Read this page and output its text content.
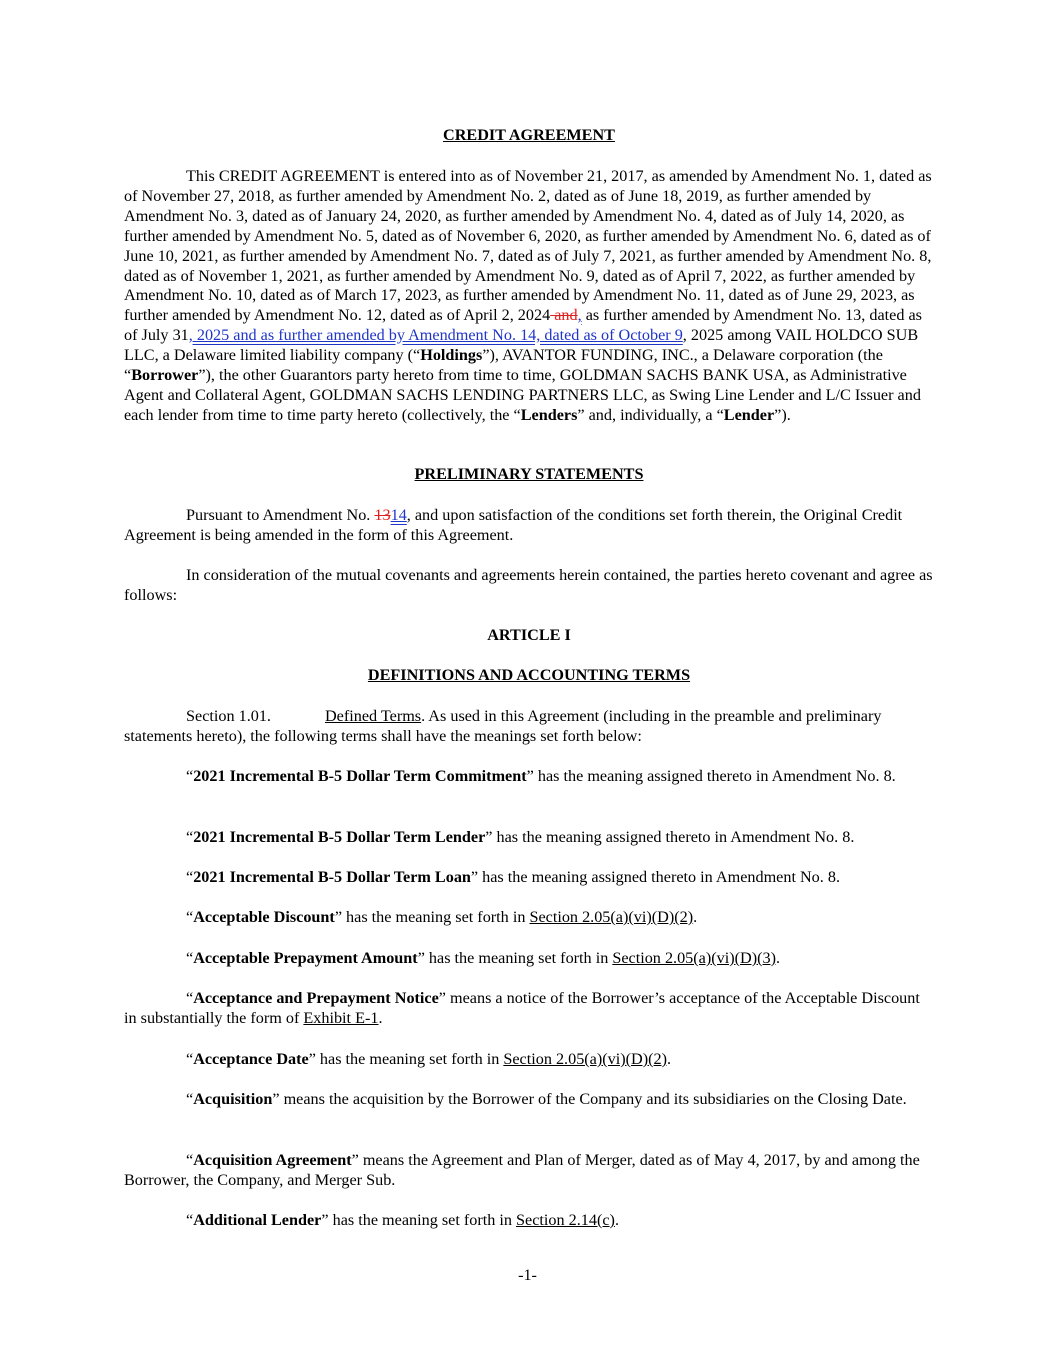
CREDIT AGREEMENT

This CREDIT AGREEMENT is entered into as of November 21, 2017, as amended by Amendment No. 1, dated as of November 27, 2018, as further amended by Amendment No. 2, dated as of June 18, 2019, as further amended by Amendment No. 3, dated as of January 24, 2020, as further amended by Amendment No. 4, dated as of July 14, 2020, as further amended by Amendment No. 5, dated as of November 6, 2020, as further amended by Amendment No. 6, dated as of June 10, 2021, as further amended by Amendment No. 7, dated as of July 7, 2021, as further amended by Amendment No. 8, dated as of November 1, 2021, as further amended by Amendment No. 9, dated as of April 7, 2022, as further amended by Amendment No. 10, dated as of March 17, 2023, as further amended by Amendment No. 11, dated as of June 29, 2023, as further amended by Amendment No. 12, dated as of April 2, 2024 and, as further amended by Amendment No. 13, dated as of July 31, 2025 and as further amended by Amendment No. 14, dated as of October 9, 2025 among VAIL HOLDCO SUB LLC, a Delaware limited liability company (“Holdings”), AVANTOR FUNDING, INC., a Delaware corporation (the “Borrower”), the other Guarantors party hereto from time to time, GOLDMAN SACHS BANK USA, as Administrative Agent and Collateral Agent, GOLDMAN SACHS LENDING PARTNERS LLC, as Swing Line Lender and L/C Issuer and each lender from time to time party hereto (collectively, the “Lenders” and, individually, a “Lender”).

PRELIMINARY STATEMENTS

Pursuant to Amendment No. 1314, and upon satisfaction of the conditions set forth therein, the Original Credit Agreement is being amended in the form of this Agreement.

In consideration of the mutual covenants and agreements herein contained, the parties hereto covenant and agree as follows:

ARTICLE I
DEFINITIONS AND ACCOUNTING TERMS

Section 1.01.	Defined Terms. As used in this Agreement (including in the preamble and preliminary statements hereto), the following terms shall have the meanings set forth below:

“2021 Incremental B-5 Dollar Term Commitment” has the meaning assigned thereto in Amendment No. 8.

“2021 Incremental B-5 Dollar Term Lender” has the meaning assigned thereto in Amendment No. 8.

“2021 Incremental B-5 Dollar Term Loan” has the meaning assigned thereto in Amendment No. 8.

“Acceptable Discount” has the meaning set forth in Section 2.05(a)(vi)(D)(2).

“Acceptable Prepayment Amount” has the meaning set forth in Section 2.05(a)(vi)(D)(3).

“Acceptance and Prepayment Notice” means a notice of the Borrower’s acceptance of the Acceptable Discount in substantially the form of Exhibit E-1.

“Acceptance Date” has the meaning set forth in Section 2.05(a)(vi)(D)(2).

“Acquisition” means the acquisition by the Borrower of the Company and its subsidiaries on the Closing Date.

“Acquisition Agreement” means the Agreement and Plan of Merger, dated as of May 4, 2017, by and among the Borrower, the Company, and Merger Sub.

“Additional Lender” has the meaning set forth in Section 2.14(c).

-1-
